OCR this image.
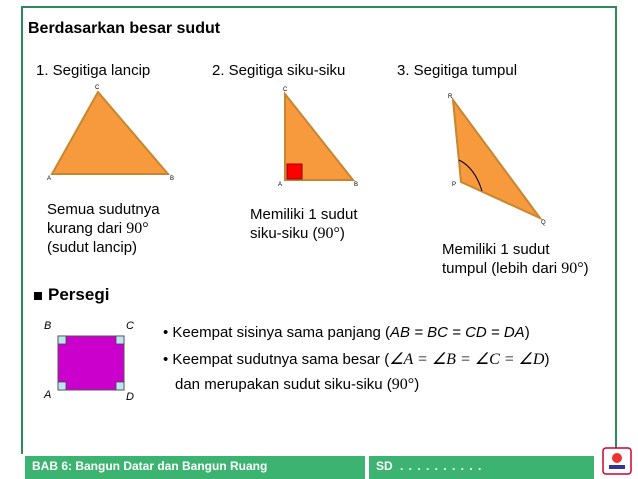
Berdasarkan besar sudut
1. Segitiga lancip
C
A	B
Semua sudutnya
kurang dari 90°
(sudut lancip)
2. Segitiga siku-siku
C
A	B
Memiliki 1 sudut
siku-siku (90°)
3. Segitiga tumpul
R
P
Q
Memiliki 1 sudut
tumpul (lebih dari 90°)
Persegi
B	C
A	D
• Keempat sisinya sama panjang (AB = BC = CD = DA)
• Keempat sudutnya sama besar (∠A = ∠B = ∠C = ∠D)
dan merupakan sudut siku-siku (90°)
BAB 6: Bangun Datar dan Bangun Ruang	SD . . . . . . . . . .
